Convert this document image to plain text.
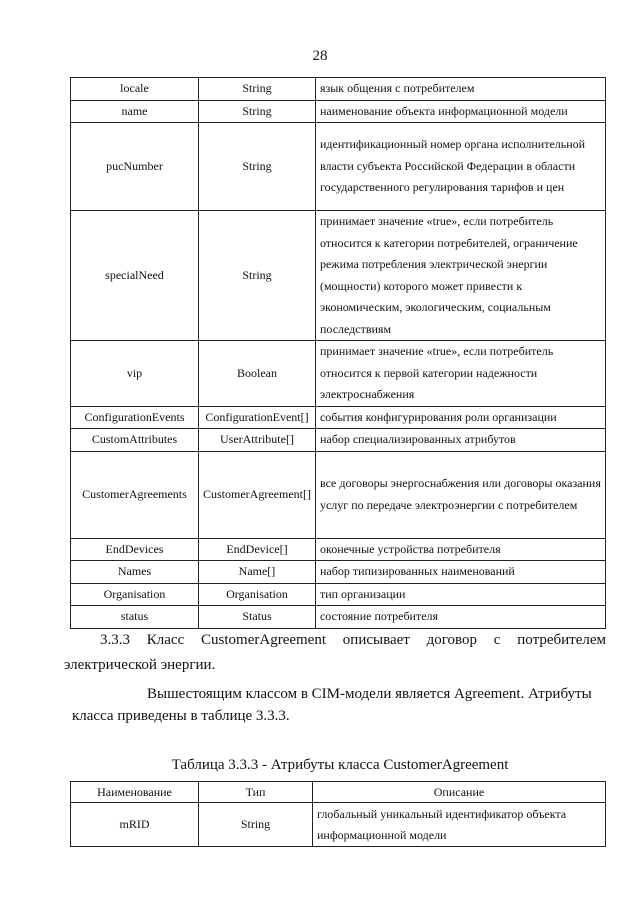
28
locale	String	язык общения с потребителем
name	String	наименование объекта информационной модели
pucNumber	String	идентификационный номер органа исполнительной власти субъекта Российской Федерации в области государственного регулирования тарифов и цен
specialNeed	String	принимает значение «true», если потребитель относится к категории потребителей, ограничение режима потребления электрической энергии (мощности) которого может привести к экономическим, экологическим, социальным последствиям
vip	Boolean	принимает значение «true», если потребитель относится к первой категории надежности электроснабжения
ConfigurationEvents	ConfigurationEvent[]	события конфигурирования роли организации
CustomAttributes	UserAttribute[]	набор специализированных атрибутов
CustomerAgreements	CustomerAgreement[]	все договоры энергоснабжения или договоры оказания услуг по передаче электроэнергии с потребителем
EndDevices	EndDevice[]	оконечные устройства потребителя
Names	Name[]	набор типизированных наименований
Organisation	Organisation	тип организации
status	Status	состояние потребителя

3.3.3 Класс CustomerAgreement описывает договор с потребителем

электрической энергии.

Вышестоящим классом в CIM-модели является Agreement. Атрибуты

класса приведены в таблице 3.3.3.

Таблица 3.3.3 - Атрибуты класса CustomerAgreement
Наименование	Тип	Описание
mRID	String	глобальный уникальный идентификатор объекта информационной модели
